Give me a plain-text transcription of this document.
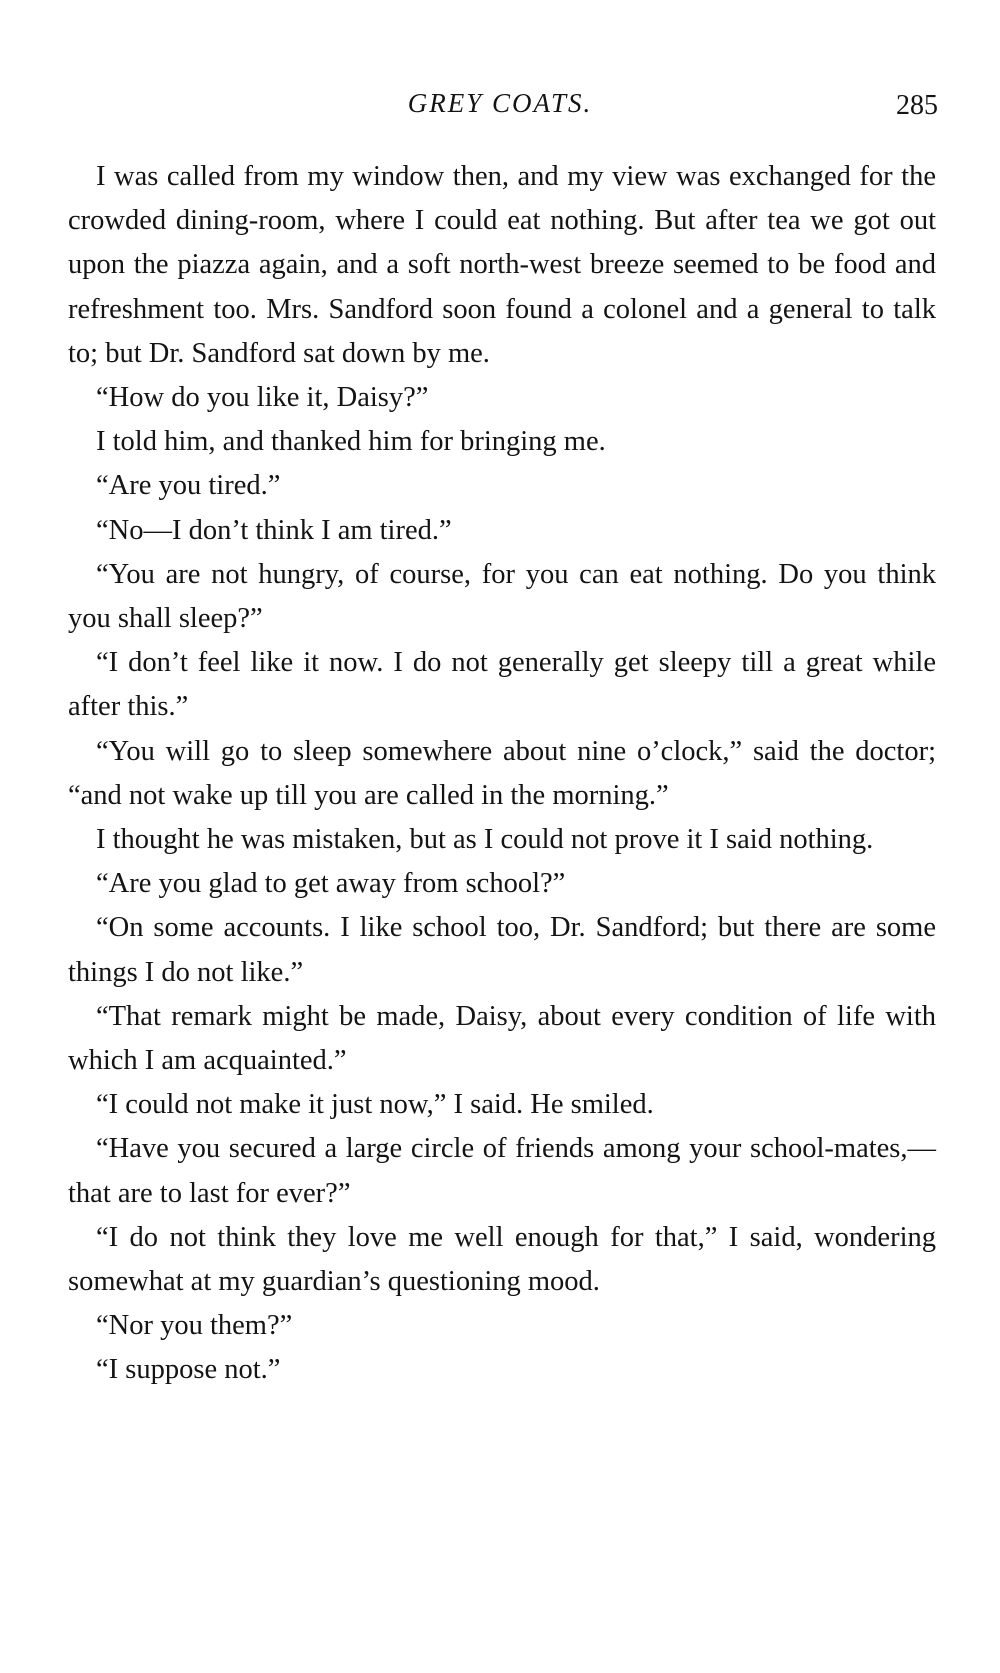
GREY COATS.	285

I was called from my window then, and my view was exchanged for the crowded dining-room, where I could eat nothing. But after tea we got out upon the piazza again, and a soft north-west breeze seemed to be food and refreshment too. Mrs. Sandford soon found a colonel and a general to talk to; but Dr. Sandford sat down by me.

“How do you like it, Daisy?”

I told him, and thanked him for bringing me.

“Are you tired.”

“No—I don’t think I am tired.”

“You are not hungry, of course, for you can eat nothing. Do you think you shall sleep?”

“I don’t feel like it now. I do not generally get sleepy till a great while after this.”

“You will go to sleep somewhere about nine o’clock,” said the doctor; “and not wake up till you are called in the morning.”

I thought he was mistaken, but as I could not prove it I said nothing.

“Are you glad to get away from school?”

“On some accounts. I like school too, Dr. Sandford; but there are some things I do not like.”

“That remark might be made, Daisy, about every condition of life with which I am acquainted.”

“I could not make it just now,” I said. He smiled.

“Have you secured a large circle of friends among your school-mates,—that are to last for ever?”

“I do not think they love me well enough for that,” I said, wondering somewhat at my guardian’s questioning mood.

“Nor you them?”

“I suppose not.”
